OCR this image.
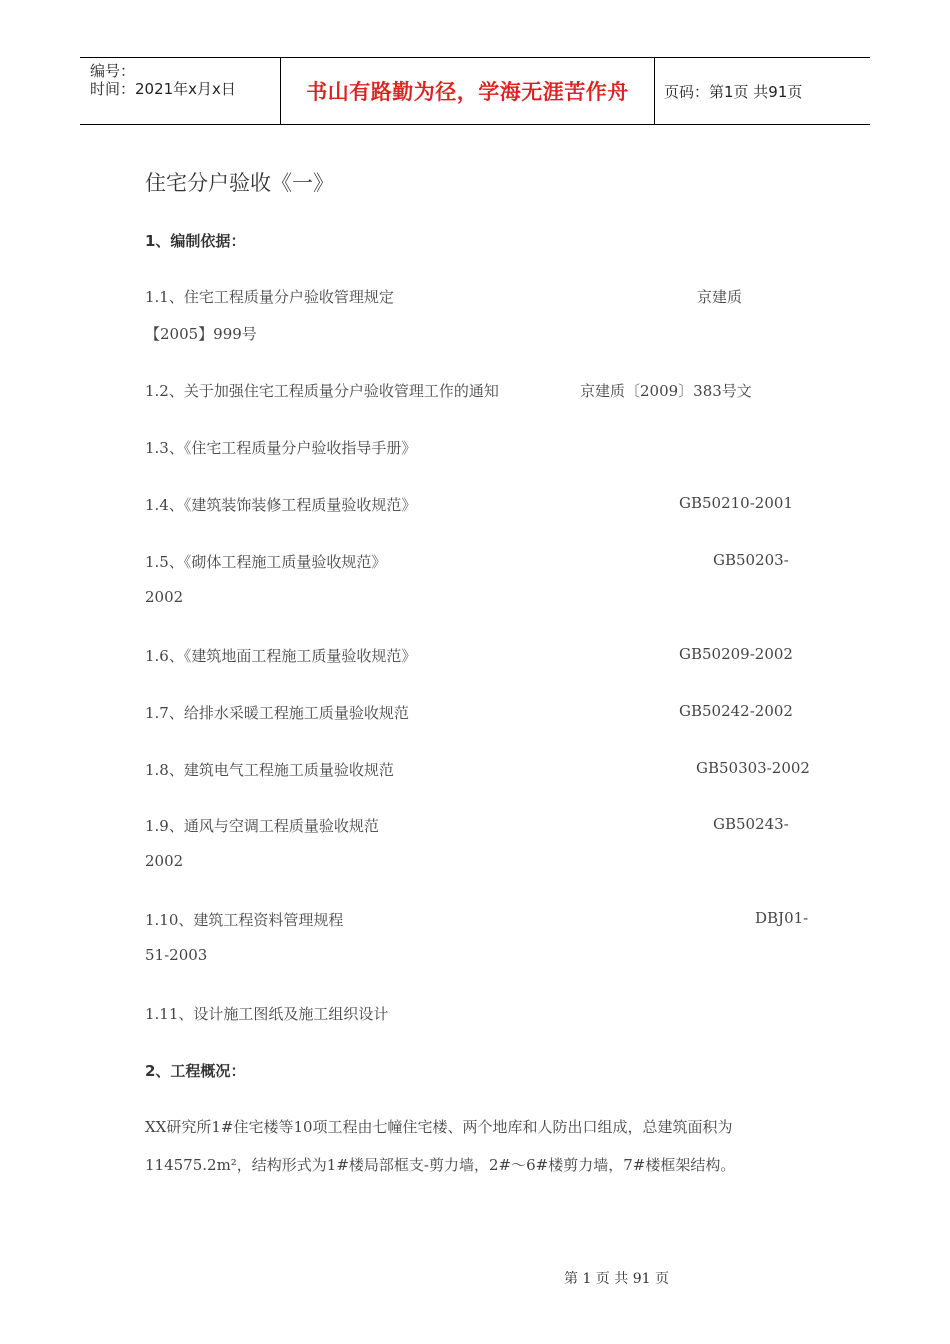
编号：
时间：2021年x月x日	书山有路勤为径，学海无涯苦作舟 页码：第1页 共91页
住宅分户验收《一》
1、编制依据：
1.1、住宅工程质量分户验收管理规定	京建质
【2005】999号
1.2、关于加强住宅工程质量分户验收管理工作的通知	京建质〔2009〕383号文
1.3、《住宅工程质量分户验收指导手册》
1.4、《建筑装饰装修工程质量验收规范》	GB50210-2001
1.5、《砌体工程施工质量验收规范》	GB50203-
2002
1.6、《建筑地面工程施工质量验收规范》	GB50209-2002
1.7、给排水采暖工程施工质量验收规范	GB50242-2002
1.8、建筑电气工程施工质量验收规范	GB50303-2002
1.9、通风与空调工程质量验收规范	GB50243-
2002
1.10、建筑工程资料管理规程	DBJ01-
51-2003
1.11、设计施工图纸及施工组织设计
2、工程概况：
XX研究所1#住宅楼等10项工程由七幢住宅楼、两个地库和人防出口组成，总建筑面积为
114575.2m²，结构形式为1#楼局部框支-剪力墙，2#～6#楼剪力墙，7#楼框架结构。
第 1 页 共 91 页
